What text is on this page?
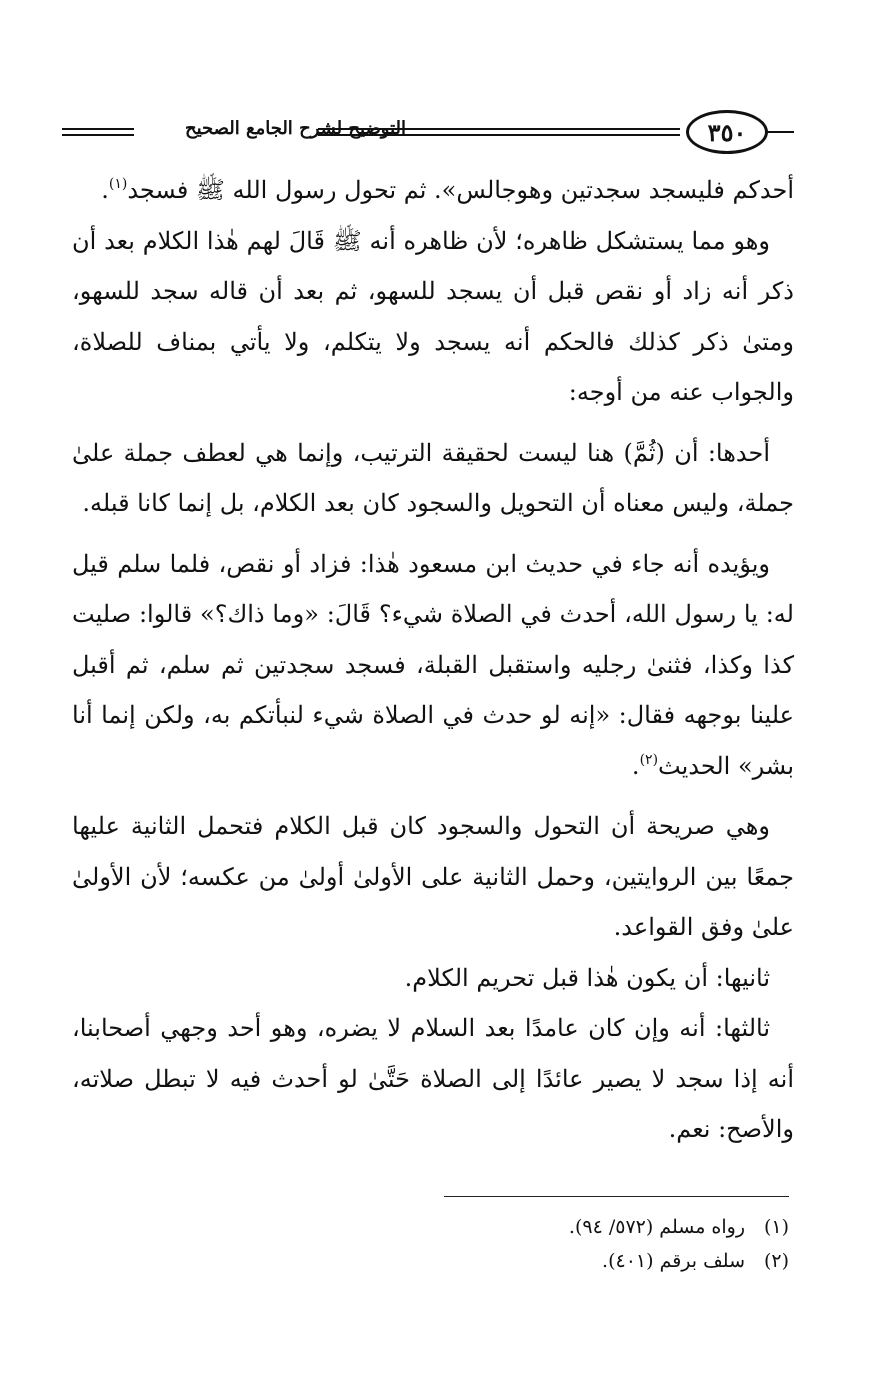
التوضيح لشرح الجامع الصحيح	٣٥٠

أحدكم فليسجد سجدتين وهوجالس». ثم تحول رسول الله ﷺ فسجد$^{(١)}$.

وهو مما يستشكل ظاهره؛ لأن ظاهره أنه ﷺ قَالَ لهم هٰذا الكلام بعد أن ذكر أنه زاد أو نقص قبل أن يسجد للسهو، ثم بعد أن قاله سجد للسهو، ومتىٰ ذكر كذلك فالحكم أنه يسجد ولا يتكلم، ولا يأتي بمناف للصلاة، والجواب عنه من أوجه:

أحدها: أن (ثُمَّ) هنا ليست لحقيقة الترتيب، وإنما هي لعطف جملة علىٰ جملة، وليس معناه أن التحويل والسجود كان بعد الكلام، بل إنما كانا قبله.

ويؤيده أنه جاء في حديث ابن مسعود هٰذا: فزاد أو نقص، فلما سلم قيل له: يا رسول الله، أحدث في الصلاة شيء؟ قَالَ: «وما ذاك؟» قالوا: صليت كذا وكذا، فثنىٰ رجليه واستقبل القبلة، فسجد سجدتين ثم سلم، ثم أقبل علينا بوجهه فقال: «إنه لو حدث في الصلاة شيء لنبأتكم به، ولكن إنما أنا بشر» الحديث$^{(٢)}$.

وهي صريحة أن التحول والسجود كان قبل الكلام فتحمل الثانية عليها جمعًا بين الروايتين، وحمل الثانية على الأولىٰ أولىٰ من عكسه؛ لأن الأولىٰ علىٰ وفق القواعد.

ثانيها: أن يكون هٰذا قبل تحريم الكلام.

ثالثها: أنه وإن كان عامدًا بعد السلام لا يضره، وهو أحد وجهي أصحابنا، أنه إذا سجد لا يصير عائدًا إلى الصلاة حَتَّىٰ لو أحدث فيه لا تبطل صلاته، والأصح: نعم.

(١)
رواه مسلم (٥٧٢/ ٩٤).
(٢)
سلف برقم (٤٠١).
